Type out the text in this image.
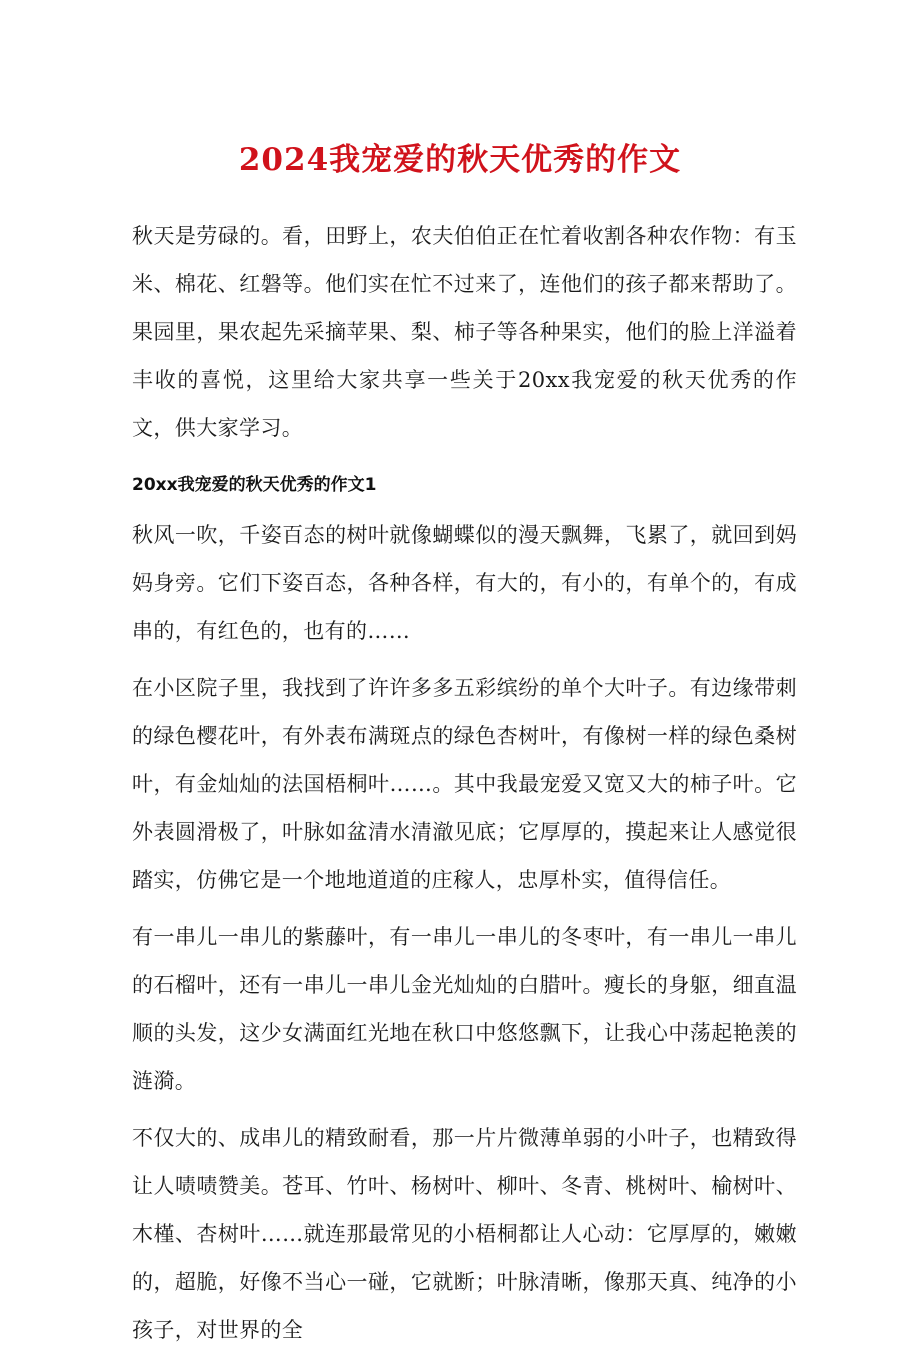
2024我宠爱的秋天优秀的作文

秋天是劳碌的。看，田野上，农夫伯伯正在忙着收割各种农作物：有玉米、棉花、红磐等。他们实在忙不过来了，连他们的孩子都来帮助了。果园里，果农起先采摘苹果、梨、柿子等各种果实，他们的脸上洋溢着丰收的喜悦，这里给大家共享一些关于20xx我宠爱的秋天优秀的作文，供大家学习。

20xx我宠爱的秋天优秀的作文1

秋风一吹，千姿百态的树叶就像蝴蝶似的漫天飘舞，飞累了，就回到妈妈身旁。它们下姿百态，各种各样，有大的，有小的，有单个的，有成串的，有红色的，也有的……

在小区院子里，我找到了许许多多五彩缤纷的单个大叶子。有边缘带刺的绿色樱花叶，有外表布满斑点的绿色杏树叶，有像树一样的绿色桑树叶，有金灿灿的法国梧桐叶……。其中我最宠爱又宽又大的柿子叶。它外表圆滑极了，叶脉如盆清水清澈见底；它厚厚的，摸起来让人感觉很踏实，仿佛它是一个地地道道的庄稼人，忠厚朴实，值得信任。

有一串儿一串儿的紫藤叶，有一串儿一串儿的冬枣叶，有一串儿一串儿的石榴叶，还有一串儿一串儿金光灿灿的白腊叶。瘦长的身躯，细直温顺的头发，这少女满面红光地在秋口中悠悠飘下，让我心中荡起艳羡的涟漪。

不仅大的、成串儿的精致耐看，那一片片微薄单弱的小叶子，也精致得让人啧啧赞美。苍耳、竹叶、杨树叶、柳叶、冬青、桃树叶、榆树叶、木槿、杏树叶……就连那最常见的小梧桐都让人心动：它厚厚的，嫩嫩的，超脆，好像不当心一碰，它就断；叶脉清晰，像那天真、纯净的小孩子，对世界的全
